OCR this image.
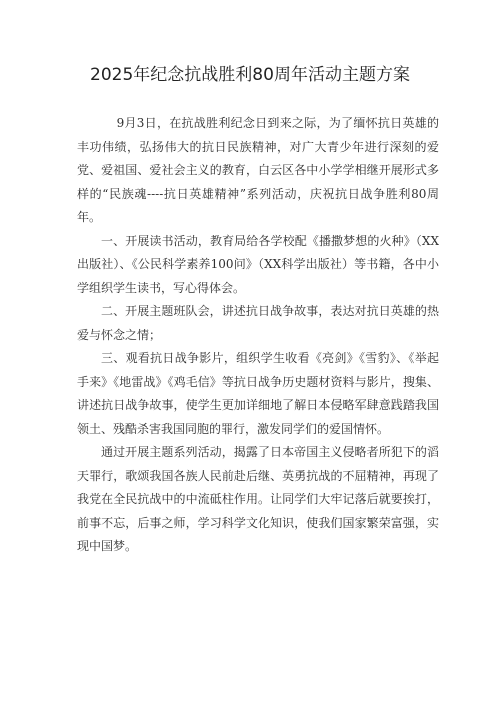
2025年纪念抗战胜利80周年活动主题方案

9月3日，在抗战胜利纪念日到来之际，为了缅怀抗日英雄的丰功伟绩，弘扬伟大的抗日民族精神，对广大青少年进行深刻的爱党、爱祖国、爱社会主义的教育，白云区各中小学学相继开展形式多样的“民族魂----抗日英雄精神”系列活动，庆祝抗日战争胜利80周年。

一、开展读书活动，教育局给各学校配《播撒梦想的火种》（XX出版社）、《公民科学素养100问》（XX科学出版社）等书籍，各中小学组织学生读书，写心得体会。

二、开展主题班队会，讲述抗日战争故事，表达对抗日英雄的热爱与怀念之情；

三、观看抗日战争影片，组织学生收看《亮剑》《雪豹》、《举起手来》《地雷战》《鸡毛信》等抗日战争历史题材资料与影片，搜集、讲述抗日战争故事，使学生更加详细地了解日本侵略军肆意践踏我国领土、残酷杀害我国同胞的罪行，激发同学们的爱国情怀。

通过开展主题系列活动，揭露了日本帝国主义侵略者所犯下的滔天罪行，歌颂我国各族人民前赴后继、英勇抗战的不屈精神，再现了我党在全民抗战中的中流砥柱作用。让同学们大牢记落后就要挨打，前事不忘，后事之师，学习科学文化知识，使我们国家繁荣富强，实现中国梦。
